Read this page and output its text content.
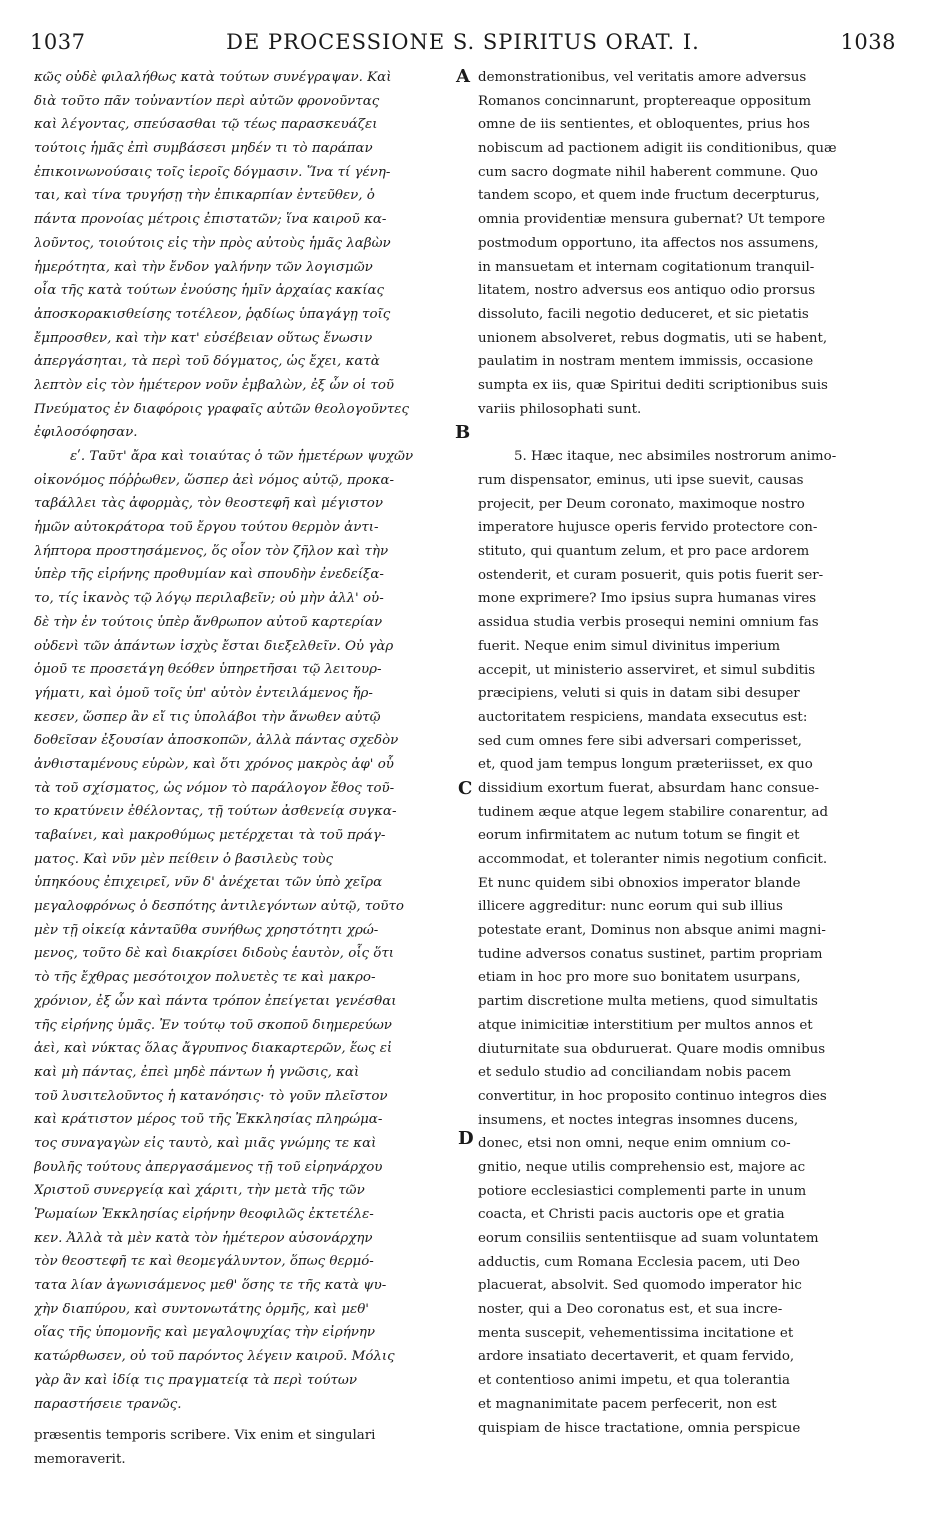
1037	DE PROCESSIONE S. SPIRITUS ORAT. I.	1038
κῶς οὐδὲ φιλαλήθως κατὰ τούτων συνέγραψαν. Καὶ
διὰ τοῦτο πᾶν τοὐναντίον περὶ αὐτῶν φρονοῦντας
καὶ λέγοντας, σπεύσασθαι τῷ τέως παρασκευάζει
τούτοις ἡμᾶς ἐπὶ συμβάσεσι μηδέν τι τὸ παράπαν
ἐπικοινωνούσαις τοῖς ἱεροῖς δόγμασιν. Ἵνα τί γένη-
ται, καὶ τίνα τρυγήσῃ τὴν ἐπικαρπίαν ἐντεῦθεν, ὁ
πάντα προνοίας μέτροις ἐπιστατῶν; ἵνα καιροῦ κα-
λοῦντος, τοιούτοις εἰς τὴν πρὸς αὐτοὺς ἡμᾶς λαβὼν
ἡμερότητα, καὶ τὴν ἔνδον γαλήνην τῶν λογισμῶν
οἷα τῆς κατὰ τούτων ἐνούσης ἡμῖν ἀρχαίας κακίας
ἀποσκορακισθείσης τοτέλεον, ῥᾳδίως ὑπαγάγῃ τοῖς
ἔμπροσθεν, καὶ τὴν κατ' εὐσέβειαν οὕτως ἕνωσιν
ἀπεργάσηται, τὰ περὶ τοῦ δόγματος, ὡς ἔχει, κατὰ
λεπτὸν εἰς τὸν ἡμέτερον νοῦν ἐμβαλὼν, ἐξ ὧν οἱ τοῦ
Πνεύματος ἐν διαφόροις γραφαῖς αὐτῶν θεολογοῦντες
ἐφιλοσόφησαν.
εʹ. Ταῦτ' ἄρα καὶ τοιαύτας ὁ τῶν ἡμετέρων ψυχῶν
οἰκονόμος πόῤῥωθεν, ὥσπερ ἀεὶ νόμος αὐτῷ, προκα-
ταβάλλει τὰς ἀφορμὰς, τὸν θεοστεφῆ καὶ μέγιστον
ἡμῶν αὐτοκράτορα τοῦ ἔργου τούτου θερμὸν ἀντι-
λήπτορα προστησάμενος, ὅς οἷον τὸν ζῆλον καὶ τὴν
ὑπὲρ τῆς εἰρήνης προθυμίαν καὶ σπουδὴν ἐνεδείξα-
το, τίς ἱκανὸς τῷ λόγῳ περιλαβεῖν; οὐ μὴν ἀλλ' οὐ-
δὲ τὴν ἐν τούτοις ὑπὲρ ἄνθρωπον αὐτοῦ καρτερίαν
οὐδενὶ τῶν ἁπάντων ἰσχὺς ἔσται διεξελθεῖν. Οὐ γὰρ
ὁμοῦ τε προσετάγη θεόθεν ὑπηρετῆσαι τῷ λειτουρ-
γήματι, καὶ ὁμοῦ τοῖς ὑπ' αὐτὸν ἐντειλάμενος ἤρ-
κεσεν, ὥσπερ ἂν εἴ τις ὑπολάβοι τὴν ἄνωθεν αὐτῷ
δοθεῖσαν ἐξουσίαν ἀποσκοπῶν, ἀλλὰ πάντας σχεδὸν
ἀνθισταμένους εὑρὼν, καὶ ὅτι χρόνος μακρὸς ἀφ' οὗ
τὰ τοῦ σχίσματος, ὡς νόμον τὸ παράλογον ἔθος τοῦ-
το κρατύνειν ἐθέλοντας, τῇ τούτων ἀσθενείᾳ συγκα-
ταβαίνει, καὶ μακροθύμως μετέρχεται τὰ τοῦ πράγ-
ματος. Καὶ νῦν μὲν πείθειν ὁ βασιλεὺς τοὺς
ὑπηκόους ἐπιχειρεῖ, νῦν δ' ἀνέχεται τῶν ὑπὸ χεῖρα
μεγαλοφρόνως ὁ δεσπότης ἀντιλεγόντων αὐτῷ, τοῦτο
μὲν τῇ οἰκείᾳ κἀνταῦθα συνήθως χρηστότητι χρώ-
μενος, τοῦτο δὲ καὶ διακρίσει διδοὺς ἑαυτὸν, οἷς ὅτι
τὸ τῆς ἔχθρας μεσότοιχον πολυετὲς τε καὶ μακρο-
χρόνιον, ἐξ ὧν καὶ πάντα τρόπον ἐπείγεται γενέσθαι
τῆς εἰρήνης ὑμᾶς. Ἐν τούτῳ τοῦ σκοποῦ διημερεύων
ἀεὶ, καὶ νύκτας ὅλας ἄγρυπνος διακαρτερῶν, ἕως εἰ
καὶ μὴ πάντας, ἐπεὶ μηδὲ πάντων ἡ γνῶσις, καὶ
τοῦ λυσιτελοῦντος ἡ κατανόησις· τὸ γοῦν πλεῖστον
καὶ κράτιστον μέρος τοῦ τῆς Ἐκκλησίας πληρώμα-
τος συναγαγὼν εἰς ταυτὸ, καὶ μιᾶς γνώμης τε καὶ
βουλῆς τούτους ἀπεργασάμενος τῇ τοῦ εἰρηνάρχου
Χριστοῦ συνεργείᾳ καὶ χάριτι, τὴν μετὰ τῆς τῶν
Ῥωμαίων Ἐκκλησίας εἰρήνην θεοφιλῶς ἐκτετέλε-
κεν. Ἀλλὰ τὰ μὲν κατὰ τὸν ἡμέτερον αὐσονάρχην
τὸν θεοστεφῆ τε καὶ θεομεγάλυντον, ὅπως θερμό-
τατα λίαν ἀγωνισάμενος μεθ' ὅσης τε τῆς κατὰ ψυ-
χὴν διαπύρου, καὶ συντονωτάτης ὁρμῆς, καὶ μεθ'
οἵας τῆς ὑπομονῆς καὶ μεγαλοψυχίας τὴν εἰρήνην
κατώρθωσεν, οὐ τοῦ παρόντος λέγειν καιροῦ. Μόλις
γὰρ ἂν καὶ ἰδίᾳ τις πραγματείᾳ τὰ περὶ τούτων
παραστήσειε τρανῶς.
demonstrationibus, vel veritatis amore adversus
Romanos concinnarunt, proptereaque oppositum
omne de iis sentientes, et obloquentes, prius hos
nobiscum ad pactionem adigit iis conditionibus, quæ
cum sacro dogmate nihil haberent commune. Quo
tandem scopo, et quem inde fructum decerpturus,
omnia providentiæ mensura gubernat? Ut tempore
postmodum opportuno, ita affectos nos assumens,
in mansuetam et internam cogitationum tranquil-
litatem, nostro adversus eos antiquo odio prorsus
dissoluto, facili negotio deduceret, et sic pietatis
unionem absolveret, rebus dogmatis, uti se habent,
paulatim in nostram mentem immissis, occasione
sumpta ex iis, quæ Spiritui dediti scriptionibus suis
variis philosophati sunt.
5. Hæc itaque, nec absimiles nostrorum animo-
rum dispensator, eminus, uti ipse suevit, causas
projecit, per Deum coronato, maximoque nostro
imperatore hujusce operis fervido protectore con-
stituto, qui quantum zelum, et pro pace ardorem
ostenderit, et curam posuerit, quis potis fuerit ser-
mone exprimere? Imo ipsius supra humanas vires
assidua studia verbis prosequi nemini omnium fas
fuerit. Neque enim simul divinitus imperium
accepit, ut ministerio asserviret, et simul subditis
præcipiens, veluti si quis in datam sibi desuper
auctoritatem respiciens, mandata exsecutus est:
sed cum omnes fere sibi adversari comperisset,
et, quod jam tempus longum præteriisset, ex quo
dissidium exortum fuerat, absurdam hanc consue-
tudinem æque atque legem stabilire conarentur, ad
eorum infirmitatem ac nutum totum se fingit et
accommodat, et toleranter nimis negotium conficit.
Et nunc quidem sibi obnoxios imperator blande
illicere aggreditur: nunc eorum qui sub illius
potestate erant, Dominus non absque animi magni-
tudine adversos conatus sustinet, partim propriam
etiam in hoc pro more suo bonitatem usurpans,
partim discretione multa metiens, quod simultatis
atque inimicitiæ interstitium per multos annos et
diuturnitate sua obduruerat. Quare modis omnibus
et sedulo studio ad conciliandam nobis pacem
convertitur, in hoc proposito continuo integros dies
insumens, et noctes integras insomnes ducens,
donec, etsi non omni, neque enim omnium co-
gnitio, neque utilis comprehensio est, majore ac
potiore ecclesiastici complementi parte in unum
coacta, et Christi pacis auctoris ope et gratia
eorum consiliis sententiisque ad suam voluntatem
adductis, cum Romana Ecclesia pacem, uti Deo
placuerat, absolvit. Sed quomodo imperator hic
noster, qui a Deo coronatus est, et sua incre-
menta suscepit, vehementissima incitatione et
ardore insatiato decertaverit, et quam fervido,
et contentioso animi impetu, et qua tolerantia
et magnanimitate pacem perfecerit, non est
quispiam de hisce tractatione, omnia perspicue
A
B
C
D
præsentis temporis scribere. Vix enim et singulari
memoraverit.
